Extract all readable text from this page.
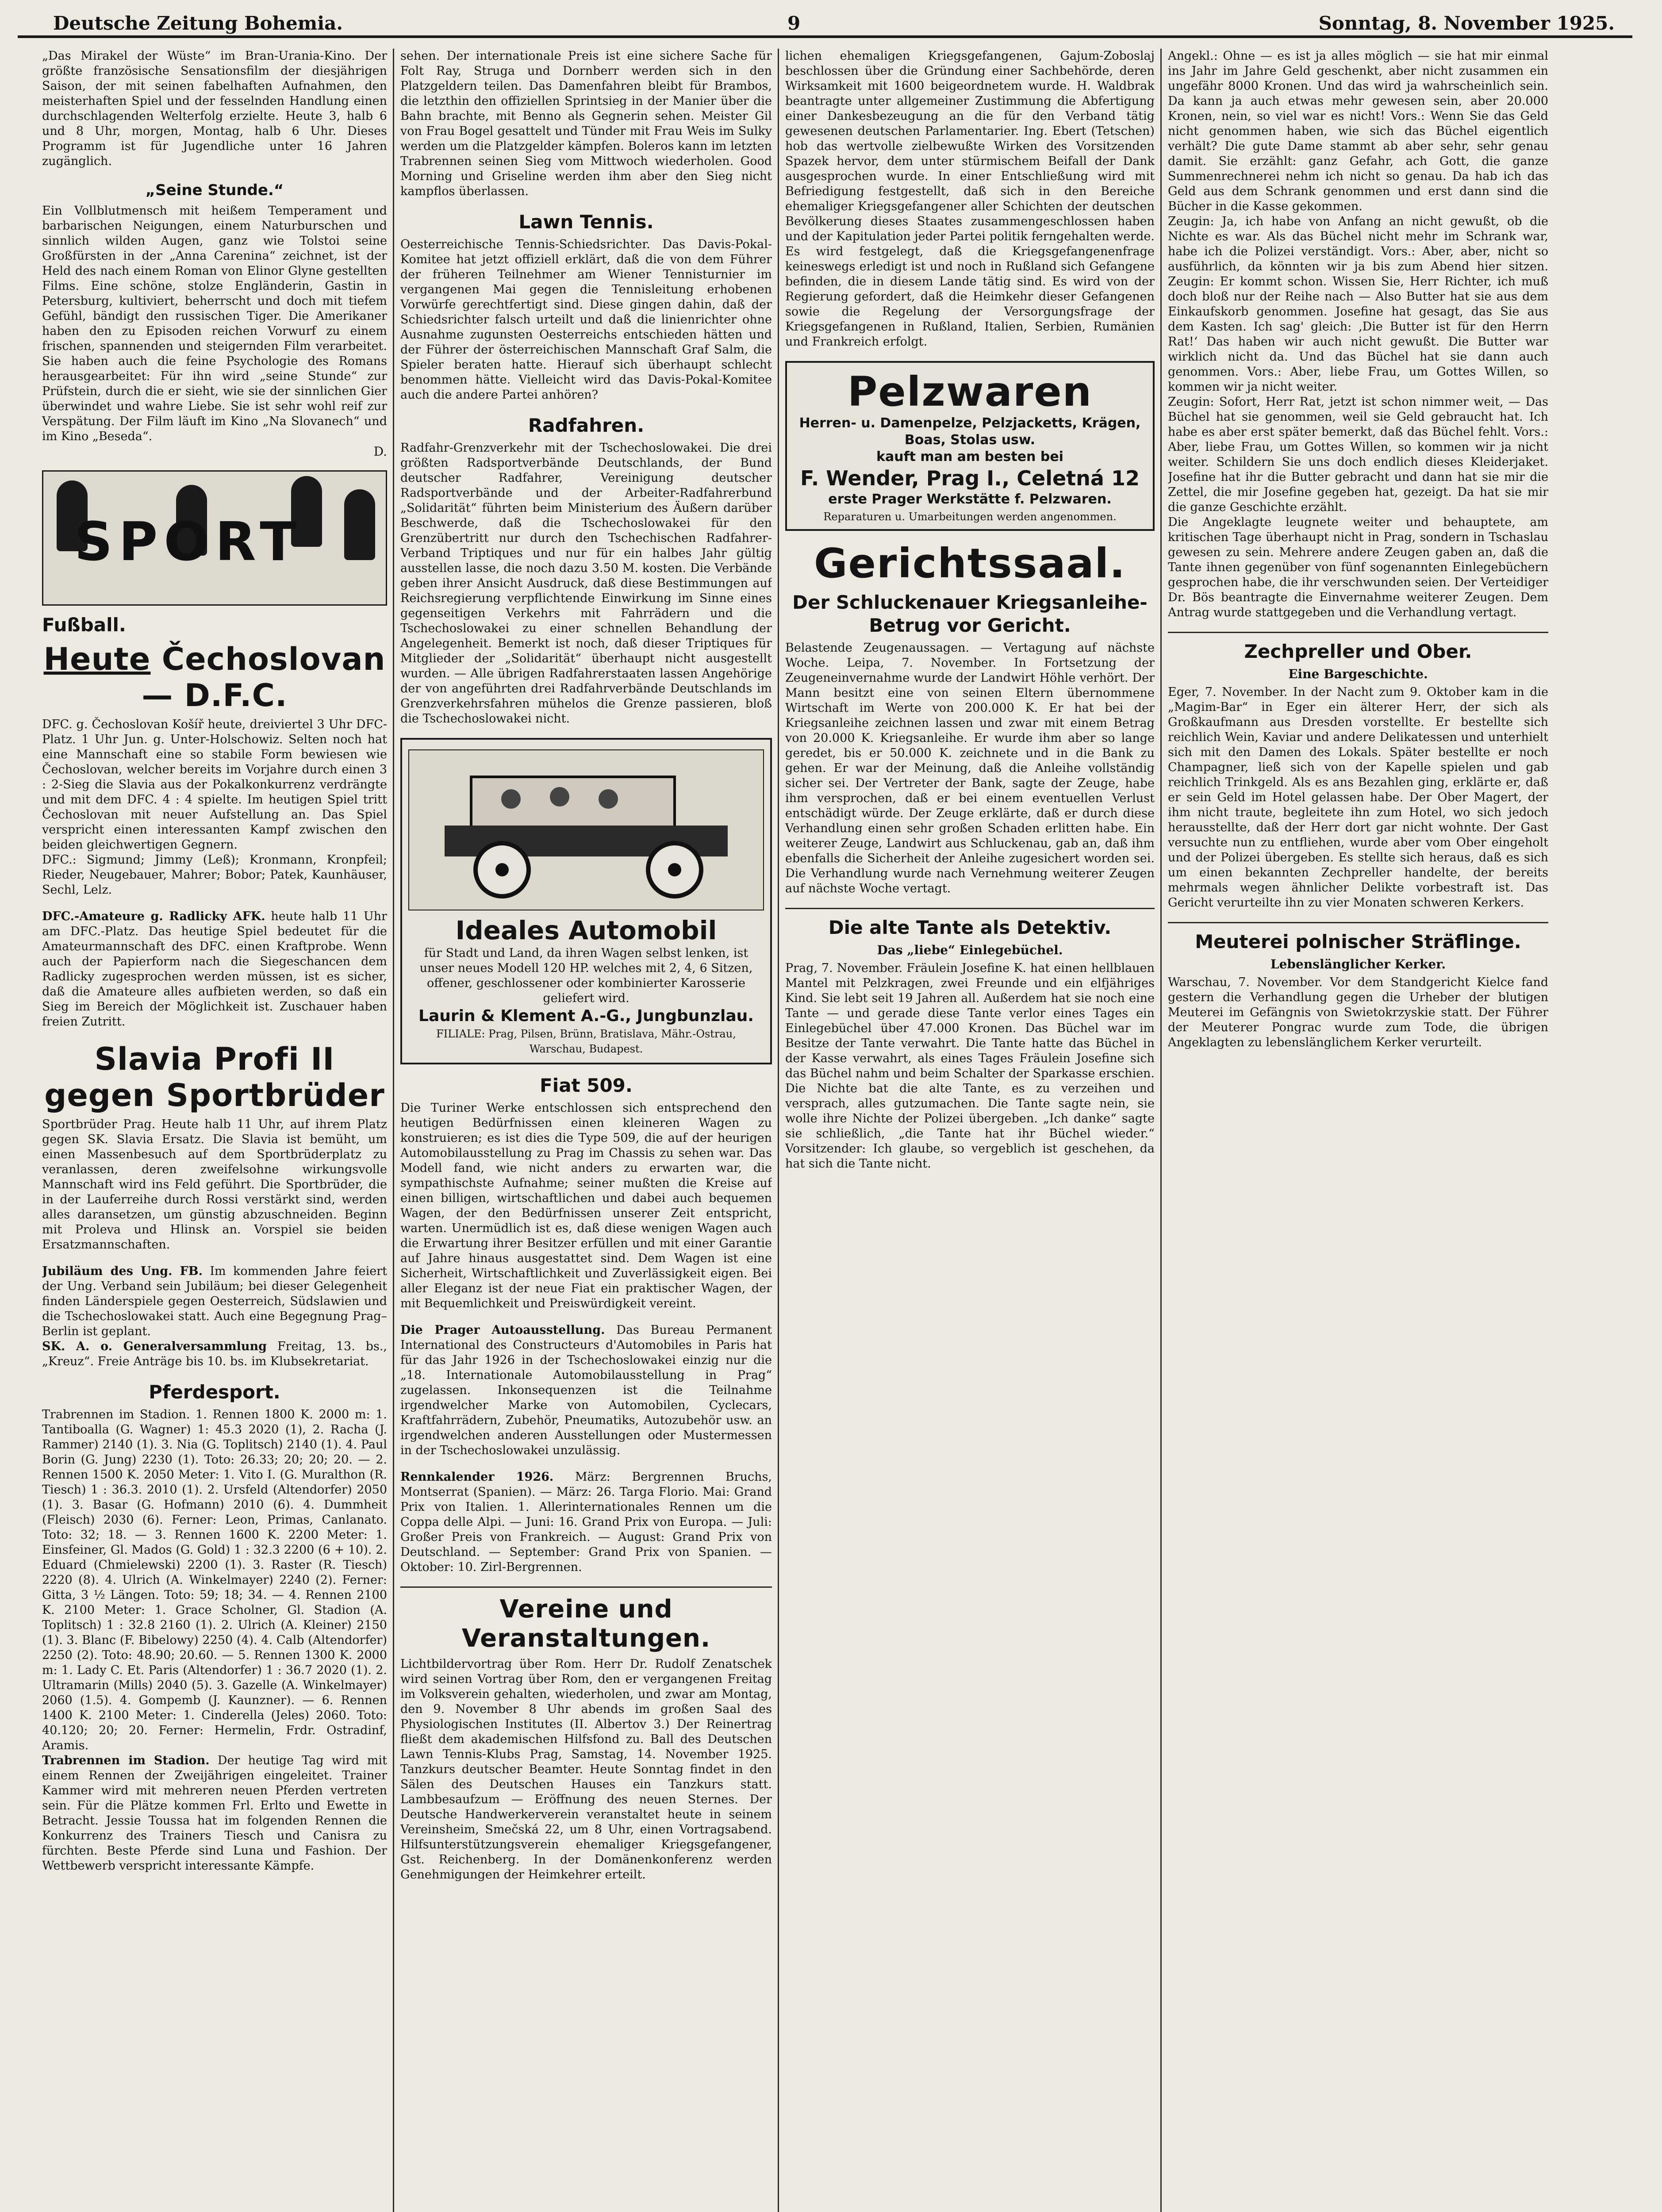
Deutsche Zeitung Bohemia.	9	Sonntag, 8. November 1925.

„Das Mirakel der Wüste“ im Bran-Urania-Kino. Der größte französische Sensationsfilm der diesjährigen Saison, der mit seinen fabelhaften Aufnahmen, den meisterhaften Spiel und der fesselnden Handlung einen durchschlagenden Welterfolg erzielte. Heute 3, halb 6 und 8 Uhr, morgen, Montag, halb 6 Uhr. Dieses Programm ist für Jugendliche unter 16 Jahren zugänglich.

„Seine Stunde.“

Ein Vollblutmensch mit heißem Temperament und barbarischen Neigungen, einem Naturburschen und sinnlich wilden Augen, ganz wie Tolstoi seine Großfürsten in der „Anna Carenina“ zeichnet, ist der Held des nach einem Roman von Elinor Glyne gestellten Films. Eine schöne, stolze Engländerin, Gastin in Petersburg, kultiviert, beherrscht und doch mit tiefem Gefühl, bändigt den russischen Tiger. Die Amerikaner haben den zu Episoden reichen Vorwurf zu einem frischen, spannenden und steigernden Film verarbeitet. Sie haben auch die feine Psychologie des Romans herausgearbeitet: Für ihn wird „seine Stunde“ zur Prüfstein, durch die er sieht, wie sie der sinnlichen Gier überwindet und wahre Liebe. Sie ist sehr wohl reif zur Verspätung. Der Film läuft im Kino „Na Slovanech“ und im Kino „Beseda“.

D.
SPORT
Fußball.
Heute Čechoslovan — D.F.C.

DFC. g. Čechoslovan Košíř heute, dreiviertel 3 Uhr DFC-Platz. 1 Uhr Jun. g. Unter-Holschowiz. Selten noch hat eine Mannschaft eine so stabile Form bewiesen wie Čechoslovan, welcher bereits im Vorjahre durch einen 3 : 2-Sieg die Slavia aus der Pokalkonkurrenz verdrängte und mit dem DFC. 4 : 4 spielte. Im heutigen Spiel tritt Čechoslovan mit neuer Aufstellung an. Das Spiel verspricht einen interessanten Kampf zwischen den beiden gleichwertigen Gegnern.

DFC.: Sigmund; Jimmy (Leß); Kronmann, Kronpfeil; Rieder, Neugebauer, Mahrer; Bobor; Patek, Kaunhäuser, Sechl, Lelz.

DFC.-Amateure g. Radlicky AFK. heute halb 11 Uhr am DFC.-Platz. Das heutige Spiel bedeutet für die Amateurmannschaft des DFC. einen Kraftprobe. Wenn auch der Papierform nach die Siegeschancen dem Radlicky zugesprochen werden müssen, ist es sicher, daß die Amateure alles aufbieten werden, so daß ein Sieg im Bereich der Möglichkeit ist. Zuschauer haben freien Zutritt.

Slavia Profi II gegen Sportbrüder

Sportbrüder Prag. Heute halb 11 Uhr, auf ihrem Platz gegen SK. Slavia Ersatz. Die Slavia ist bemüht, um einen Massenbesuch auf dem Sportbrüderplatz zu veranlassen, deren zweifelsohne wirkungsvolle Mannschaft wird ins Feld geführt. Die Sportbrüder, die in der Lauferreihe durch Rossi verstärkt sind, werden alles daransetzen, um günstig abzuschneiden. Beginn mit Proleva und Hlinsk an. Vorspiel sie beiden Ersatzmannschaften.

Jubiläum des Ung. FB. Im kommenden Jahre feiert der Ung. Verband sein Jubiläum; bei dieser Gelegenheit finden Länderspiele gegen Oesterreich, Südslawien und die Tschechoslowakei statt. Auch eine Begegnung Prag–Berlin ist geplant.

SK. A. o. Generalversammlung Freitag, 13. bs., „Kreuz“. Freie Anträge bis 10. bs. im Klubsekretariat.

Pferdesport.

Trabrennen im Stadion. 1. Rennen 1800 K. 2000 m: 1. Tantiboalla (G. Wagner) 1: 45.3 2020 (1), 2. Racha (J. Rammer) 2140 (1). 3. Nia (G. Toplitsch) 2140 (1). 4. Paul Borin (G. Jung) 2230 (1). Toto: 26.33; 20; 20; 20. — 2. Rennen 1500 K. 2050 Meter: 1. Vito I. (G. Muralthon (R. Tiesch) 1 : 36.3. 2010 (1). 2. Ursfeld (Altendorfer) 2050 (1). 3. Basar (G. Hofmann) 2010 (6). 4. Dummheit (Fleisch) 2030 (6). Ferner: Leon, Primas, Canlanato. Toto: 32; 18. — 3. Rennen 1600 K. 2200 Meter: 1. Einsfeiner, Gl. Mados (G. Gold) 1 : 32.3 2200 (6 + 10). 2. Eduard (Chmielewski) 2200 (1). 3. Raster (R. Tiesch) 2220 (8). 4. Ulrich (A. Winkelmayer) 2240 (2). Ferner: Gitta, 3 ½ Längen. Toto: 59; 18; 34. — 4. Rennen 2100 K. 2100 Meter: 1. Grace Scholner, Gl. Stadion (A. Toplitsch) 1 : 32.8 2160 (1). 2. Ulrich (A. Kleiner) 2150 (1). 3. Blanc (F. Bibelowy) 2250 (4). 4. Calb (Altendorfer) 2250 (2). Toto: 48.90; 20.60. — 5. Rennen 1300 K. 2000 m: 1. Lady C. Et. Paris (Altendorfer) 1 : 36.7 2020 (1). 2. Ultramarin (Mills) 2040 (5). 3. Gazelle (A. Winkelmayer) 2060 (1.5). 4. Gompemb (J. Kaunzner). — 6. Rennen 1400 K. 2100 Meter: 1. Cinderella (Jeles) 2060. Toto: 40.120; 20; 20. Ferner: Hermelin, Frdr. Ostradinf, Aramis.

Trabrennen im Stadion. Der heutige Tag wird mit einem Rennen der Zweijährigen eingeleitet. Trainer Kammer wird mit mehreren neuen Pferden vertreten sein. Für die Plätze kommen Frl. Erlto und Ewette in Betracht. Jessie Toussa hat im folgenden Rennen die Konkurrenz des Trainers Tiesch und Canisra zu fürchten. Beste Pferde sind Luna und Fashion. Der Wettbewerb verspricht interessante Kämpfe.

sehen. Der internationale Preis ist eine sichere Sache für Folt Ray, Struga und Dornberr werden sich in den Platzgeldern teilen. Das Damenfahren bleibt für Brambos, die letzthin den offiziellen Sprintsieg in der Manier über die Bahn brachte, mit Benno als Gegnerin sehen. Meister Gil von Frau Bogel gesattelt und Tünder mit Frau Weis im Sulky werden um die Platzgelder kämpfen. Boleros kann im letzten Trabrennen seinen Sieg vom Mittwoch wiederholen. Good Morning und Griseline werden ihm aber den Sieg nicht kampflos überlassen.

Lawn Tennis.

Oesterreichische Tennis-Schiedsrichter. Das Davis-Pokal-Komitee hat jetzt offiziell erklärt, daß die von dem Führer der früheren Teilnehmer am Wiener Tennisturnier im vergangenen Mai gegen die Tennisleitung erhobenen Vorwürfe gerechtfertigt sind. Diese gingen dahin, daß der Schiedsrichter falsch urteilt und daß die linienrichter ohne Ausnahme zugunsten Oesterreichs entschieden hätten und der Führer der österreichischen Mannschaft Graf Salm, die Spieler beraten hatte. Hierauf sich überhaupt schlecht benommen hätte. Vielleicht wird das Davis-Pokal-Komitee auch die andere Partei anhören?

Radfahren.

Radfahr-Grenzverkehr mit der Tschechoslowakei. Die drei größten Radsportverbände Deutschlands, der Bund deutscher Radfahrer, Vereinigung deutscher Radsportverbände und der Arbeiter-Radfahrerbund „Solidarität“ führten beim Ministerium des Äußern darüber Beschwerde, daß die Tschechoslowakei für den Grenzübertritt nur durch den Tschechischen Radfahrer-Verband Triptiques und nur für ein halbes Jahr gültig ausstellen lasse, die noch dazu 3.50 M. kosten. Die Verbände geben ihrer Ansicht Ausdruck, daß diese Bestimmungen auf Reichsregierung verpflichtende Einwirkung im Sinne eines gegenseitigen Verkehrs mit Fahrrädern und die Tschechoslowakei zu einer schnellen Behandlung der Angelegenheit. Bemerkt ist noch, daß dieser Triptiques für Mitglieder der „Solidarität“ überhaupt nicht ausgestellt wurden. — Alle übrigen Radfahrerstaaten lassen Angehörige der von angeführten drei Radfahrverbände Deutschlands im Grenzverkehrsfahren mühelos die Grenze passieren, bloß die Tschechoslowakei nicht.

Ideales Automobil

für Stadt und Land, da ihren Wagen selbst lenken, ist unser neues Modell 120 HP. welches mit 2, 4, 6 Sitzen, offener, geschlossener oder kombinierter Karosserie geliefert wird.

Laurin & Klement A.-G., Jungbunzlau.

FILIALE: Prag, Pilsen, Brünn, Bratislava, Mähr.-Ostrau, Warschau, Budapest.

Fiat 509.

Die Turiner Werke entschlossen sich entsprechend den heutigen Bedürfnissen einen kleineren Wagen zu konstruieren; es ist dies die Type 509, die auf der heurigen Automobilausstellung zu Prag im Chassis zu sehen war. Das Modell fand, wie nicht anders zu erwarten war, die sympathischste Aufnahme; seiner mußten die Kreise auf einen billigen, wirtschaftlichen und dabei auch bequemen Wagen, der den Bedürfnissen unserer Zeit entspricht, warten. Unermüdlich ist es, daß diese wenigen Wagen auch die Erwartung ihrer Besitzer erfüllen und mit einer Garantie auf Jahre hinaus ausgestattet sind. Dem Wagen ist eine Sicherheit, Wirtschaftlichkeit und Zuverlässigkeit eigen. Bei aller Eleganz ist der neue Fiat ein praktischer Wagen, der mit Bequemlichkeit und Preiswürdigkeit vereint.

Die Prager Autoausstellung. Das Bureau Permanent International des Constructeurs d'Automobiles in Paris hat für das Jahr 1926 in der Tschechoslowakei einzig nur die „18. Internationale Automobilausstellung in Prag“ zugelassen. Inkonsequenzen ist die Teilnahme irgendwelcher Marke von Automobilen, Cyclecars, Kraftfahrrädern, Zubehör, Pneumatiks, Autozubehör usw. an irgendwelchen anderen Ausstellungen oder Mustermessen in der Tschechoslowakei unzulässig.

Rennkalender 1926. März: Bergrennen Bruchs, Montserrat (Spanien). — März: 26. Targa Florio. Mai: Grand Prix von Italien. 1. Allerinternationales Rennen um die Coppa delle Alpi. — Juni: 16. Grand Prix von Europa. — Juli: Großer Preis von Frankreich. — August: Grand Prix von Deutschland. — September: Grand Prix von Spanien. — Oktober: 10. Zirl-Bergrennen.

Vereine und Veranstaltungen.

Lichtbildervortrag über Rom. Herr Dr. Rudolf Zenatschek wird seinen Vortrag über Rom, den er vergangenen Freitag im Volksverein gehalten, wiederholen, und zwar am Montag, den 9. November 8 Uhr abends im großen Saal des Physiologischen Institutes (II. Albertov 3.) Der Reinertrag fließt dem akademischen Hilfsfond zu. Ball des Deutschen Lawn Tennis-Klubs Prag, Samstag, 14. November 1925. Tanzkurs deutscher Beamter. Heute Sonntag findet in den Sälen des Deutschen Hauses ein Tanzkurs statt. Lambbesaufzum — Eröffnung des neuen Sternes. Der Deutsche Handwerkerverein veranstaltet heute in seinem Vereinsheim, Smečská 22, um 8 Uhr, einen Vortragsabend. Hilfsunterstützungsverein ehemaliger Kriegsgefangener, Gst. Reichenberg. In der Domänenkonferenz werden Genehmigungen der Heimkehrer erteilt.

lichen ehemaligen Kriegsgefangenen, Gajum-Zoboslaj beschlossen über die Gründung einer Sachbehörde, deren Wirksamkeit mit 1600 beigeordnetem wurde. H. Waldbrak beantragte unter allgemeiner Zustimmung die Abfertigung einer Dankesbezeugung an die für den Verband tätig gewesenen deutschen Parlamentarier. Ing. Ebert (Tetschen) hob das wertvolle zielbewußte Wirken des Vorsitzenden Spazek hervor, dem unter stürmischem Beifall der Dank ausgesprochen wurde. In einer Entschließung wird mit Befriedigung festgestellt, daß sich in den Bereiche ehemaliger Kriegsgefangener aller Schichten der deutschen Bevölkerung dieses Staates zusammengeschlossen haben und der Kapitulation jeder Partei politik ferngehalten werde. Es wird festgelegt, daß die Kriegsgefangenenfrage keineswegs erledigt ist und noch in Rußland sich Gefangene befinden, die in diesem Lande tätig sind. Es wird von der Regierung gefordert, daß die Heimkehr dieser Gefangenen sowie die Regelung der Versorgungsfrage der Kriegsgefangenen in Rußland, Italien, Serbien, Rumänien und Frankreich erfolgt.

Pelzwaren
Herren- u. Damenpelze, Pelzjacketts, Krägen, Boas, Stolas usw.
kauft man am besten bei
F. Wender, Prag I., Celetná 12
erste Prager Werkstätte f. Pelzwaren.
Reparaturen u. Umarbeitungen werden angenommen.
Gerichtssaal.
Der Schluckenauer Kriegsanleihe-Betrug vor Gericht.

Belastende Zeugenaussagen. — Vertagung auf nächste Woche. Leipa, 7. November. In Fortsetzung der Zeugeneinvernahme wurde der Landwirt Höhle verhört. Der Mann besitzt eine von seinen Eltern übernommene Wirtschaft im Werte von 200.000 K. Er hat bei der Kriegsanleihe zeichnen lassen und zwar mit einem Betrag von 20.000 K. Kriegsanleihe. Er wurde ihm aber so lange geredet, bis er 50.000 K. zeichnete und in die Bank zu gehen. Er war der Meinung, daß die Anleihe vollständig sicher sei. Der Vertreter der Bank, sagte der Zeuge, habe ihm versprochen, daß er bei einem eventuellen Verlust entschädigt würde. Der Zeuge erklärte, daß er durch diese Verhandlung einen sehr großen Schaden erlitten habe. Ein weiterer Zeuge, Landwirt aus Schluckenau, gab an, daß ihm ebenfalls die Sicherheit der Anleihe zugesichert worden sei. Die Verhandlung wurde nach Vernehmung weiterer Zeugen auf nächste Woche vertagt.

Die alte Tante als Detektiv.
Das „liebe“ Einlegebüchel.

Prag, 7. November. Fräulein Josefine K. hat einen hellblauen Mantel mit Pelzkragen, zwei Freunde und ein elfjähriges Kind. Sie lebt seit 19 Jahren all. Außerdem hat sie noch eine Tante — und gerade diese Tante verlor eines Tages ein Einlegebüchel über 47.000 Kronen. Das Büchel war im Besitze der Tante verwahrt. Die Tante hatte das Büchel in der Kasse verwahrt, als eines Tages Fräulein Josefine sich das Büchel nahm und beim Schalter der Sparkasse erschien. Die Nichte bat die alte Tante, es zu verzeihen und versprach, alles gutzumachen. Die Tante sagte nein, sie wolle ihre Nichte der Polizei übergeben. „Ich danke“ sagte sie schließlich, „die Tante hat ihr Büchel wieder.“ Vorsitzender: Ich glaube, so vergeblich ist geschehen, da hat sich die Tante nicht.

Angekl.: Ohne — es ist ja alles möglich — sie hat mir einmal ins Jahr im Jahre Geld geschenkt, aber nicht zusammen ein ungefähr 8000 Kronen. Und das wird ja wahrscheinlich sein. Da kann ja auch etwas mehr gewesen sein, aber 20.000 Kronen, nein, so viel war es nicht! Vors.: Wenn Sie das Geld nicht genommen haben, wie sich das Büchel eigentlich verhält? Die gute Dame stammt ab aber sehr, sehr genau damit. Sie erzählt: ganz Gefahr, ach Gott, die ganze Summenrechnerei nehm ich nicht so genau. Da hab ich das Geld aus dem Schrank genommen und erst dann sind die Bücher in die Kasse gekommen.

Zeugin: Ja, ich habe von Anfang an nicht gewußt, ob die Nichte es war. Als das Büchel nicht mehr im Schrank war, habe ich die Polizei verständigt. Vors.: Aber, aber, nicht so ausführlich, da könnten wir ja bis zum Abend hier sitzen. Zeugin: Er kommt schon. Wissen Sie, Herr Richter, ich muß doch bloß nur der Reihe nach — Also Butter hat sie aus dem Einkaufskorb genommen. Josefine hat gesagt, das Sie aus dem Kasten. Ich sag' gleich: ‚Die Butter ist für den Herrn Rat!‘ Das haben wir auch nicht gewußt. Die Butter war wirklich nicht da. Und das Büchel hat sie dann auch genommen. Vors.: Aber, liebe Frau, um Gottes Willen, so kommen wir ja nicht weiter.

Zeugin: Sofort, Herr Rat, jetzt ist schon nimmer weit, — Das Büchel hat sie genommen, weil sie Geld gebraucht hat. Ich habe es aber erst später bemerkt, daß das Büchel fehlt. Vors.: Aber, liebe Frau, um Gottes Willen, so kommen wir ja nicht weiter. Schildern Sie uns doch endlich dieses Kleiderjaket. Josefine hat ihr die Butter gebracht und dann hat sie mir die Zettel, die mir Josefine gegeben hat, gezeigt. Da hat sie mir die ganze Geschichte erzählt.

Die Angeklagte leugnete weiter und behauptete, am kritischen Tage überhaupt nicht in Prag, sondern in Tschaslau gewesen zu sein. Mehrere andere Zeugen gaben an, daß die Tante ihnen gegenüber von fünf sogenannten Einlegebüchern gesprochen habe, die ihr verschwunden seien. Der Verteidiger Dr. Bös beantragte die Einvernahme weiterer Zeugen. Dem Antrag wurde stattgegeben und die Verhandlung vertagt.

Zechpreller und Ober.
Eine Bargeschichte.

Eger, 7. November. In der Nacht zum 9. Oktober kam in die „Magim-Bar“ in Eger ein älterer Herr, der sich als Großkaufmann aus Dresden vorstellte. Er bestellte sich reichlich Wein, Kaviar und andere Delikatessen und unterhielt sich mit den Damen des Lokals. Später bestellte er noch Champagner, ließ sich von der Kapelle spielen und gab reichlich Trinkgeld. Als es ans Bezahlen ging, erklärte er, daß er sein Geld im Hotel gelassen habe. Der Ober Magert, der ihm nicht traute, begleitete ihn zum Hotel, wo sich jedoch herausstellte, daß der Herr dort gar nicht wohnte. Der Gast versuchte nun zu entfliehen, wurde aber vom Ober eingeholt und der Polizei übergeben. Es stellte sich heraus, daß es sich um einen bekannten Zechpreller handelte, der bereits mehrmals wegen ähnlicher Delikte vorbestraft ist. Das Gericht verurteilte ihn zu vier Monaten schweren Kerkers.

Meuterei polnischer Sträflinge.
Lebenslänglicher Kerker.

Warschau, 7. November. Vor dem Standgericht Kielce fand gestern die Verhandlung gegen die Urheber der blutigen Meuterei im Gefängnis von Swietokrzyskie statt. Der Führer der Meuterer Pongrac wurde zum Tode, die übrigen Angeklagten zu lebenslänglichem Kerker verurteilt.
